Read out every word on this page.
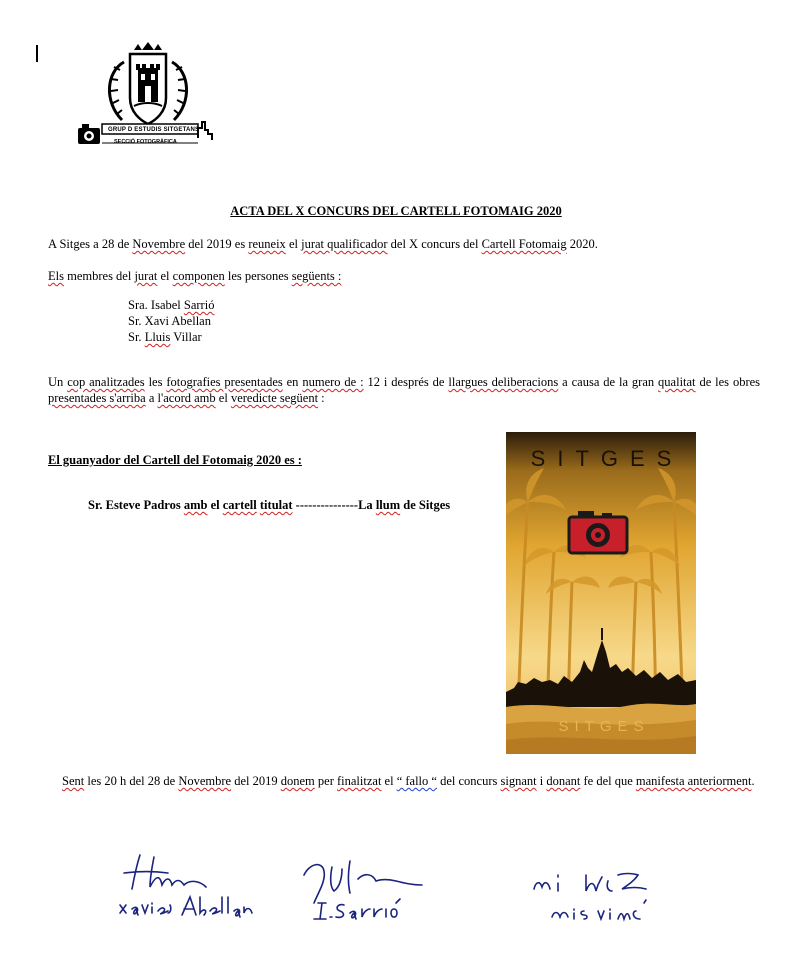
GRUP D ESTUDIS SITGETANS
SECCIÓ FOTOGRÀFICA
ACTA DEL X CONCURS DEL CARTELL FOTOMAIG 2020
A Sitges a 28 de Novembre del 2019 es reuneix el jurat qualificador del X concurs del Cartell Fotomaig 2020.
Els membres del jurat el componen les persones següents :
Sra. Isabel Sarrió
Sr. Xavi Abellan
Sr. Lluis Villar
Un cop analitzades les fotografies presentades en numero de : 12 i després de llargues deliberacions a causa de la gran qualitat de les obres presentades s'arriba a l'acord amb el veredicte següent :
El guanyador del Cartell del Fotomaig 2020 es :
Sr. Esteve Padros amb el cartell titulat ---------------La llum de Sitges
SITGES
SITGES
Sent les 20 h del 28 de Novembre del 2019 donem per finalitzat el “ fallo “ del concurs signant i donant fe del que manifesta anteriorment.
